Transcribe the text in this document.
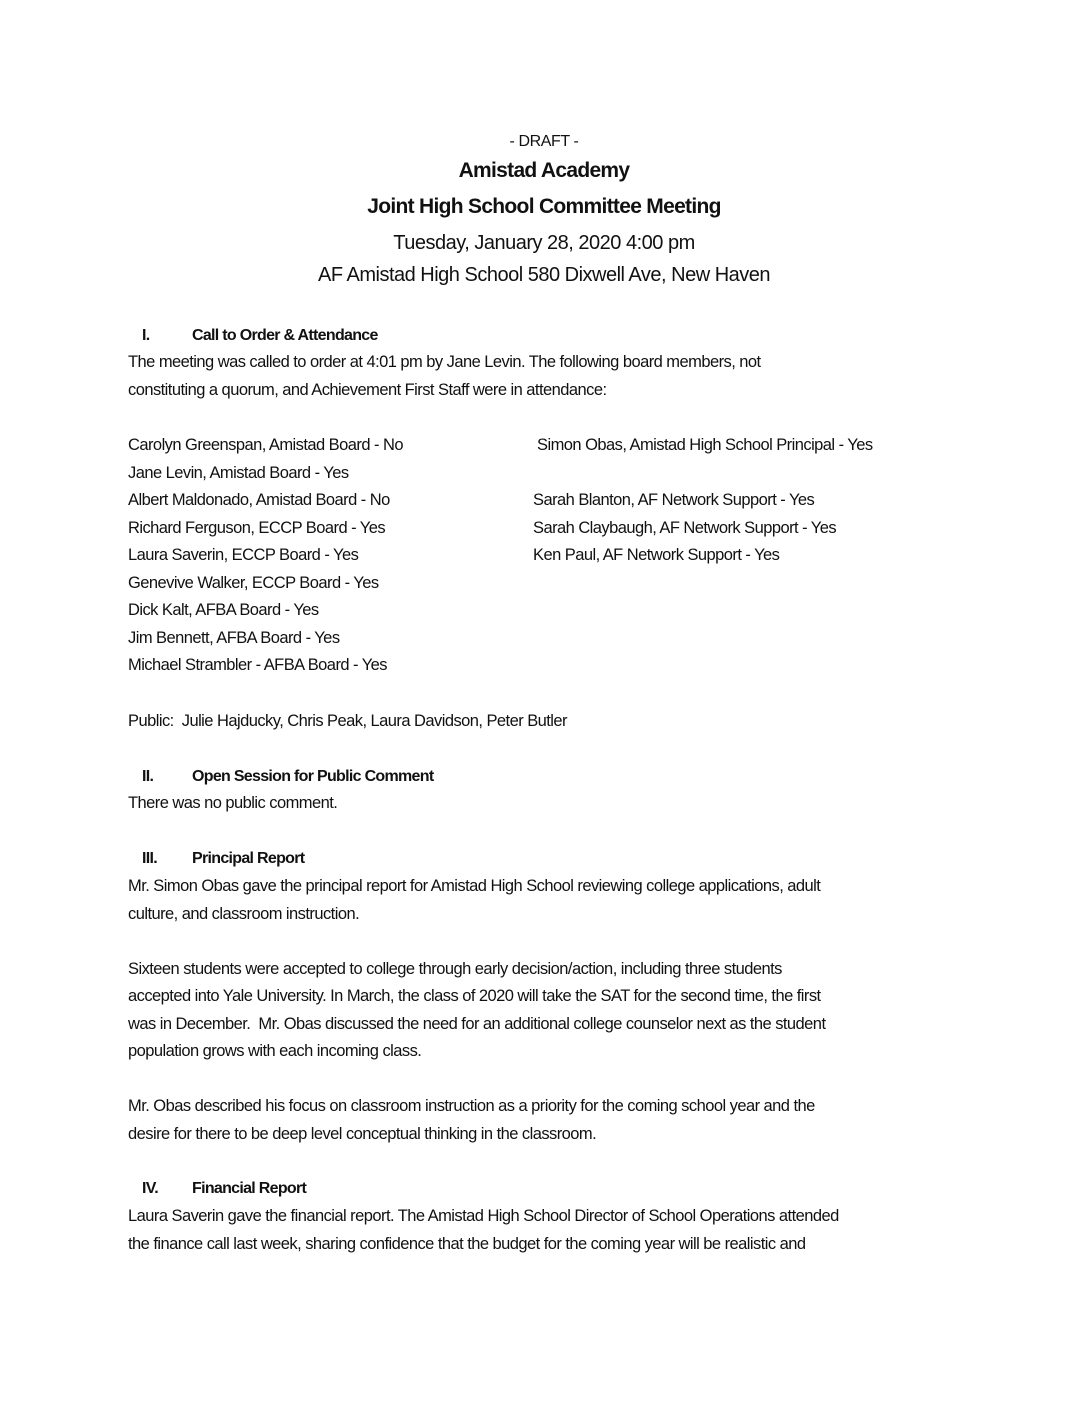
- DRAFT -
Amistad Academy
Joint High School Committee Meeting
Tuesday, January 28, 2020 4:00 pm
AF Amistad High School 580 Dixwell Ave, New Haven
I.	Call to Order & Attendance

The meeting was called to order at 4:01 pm by Jane Levin. The following board members, not

constituting a quorum, and Achievement First Staff were in attendance:

Carolyn Greenspan, Amistad Board - No
Jane Levin, Amistad Board - Yes
Albert Maldonado, Amistad Board - No
Richard Ferguson, ECCP Board - Yes
Laura Saverin, ECCP Board - Yes
Genevive Walker, ECCP Board - Yes
Dick Kalt, AFBA Board - Yes
Jim Bennett, AFBA Board - Yes
Michael Strambler - AFBA Board - Yes
Simon Obas, Amistad High School Principal - Yes
Sarah Blanton, AF Network Support - Yes
Sarah Claybaugh, AF Network Support - Yes
Ken Paul, AF Network Support - Yes
Public:  Julie Hajducky, Chris Peak, Laura Davidson, Peter Butler
II. Open Session for Public Comment

There was no public comment.

III. Principal Report

Mr. Simon Obas gave the principal report for Amistad High School reviewing college applications, adult

culture, and classroom instruction.

Sixteen students were accepted to college through early decision/action, including three students

accepted into Yale University. In March, the class of 2020 will take the SAT for the second time, the first

was in December.  Mr. Obas discussed the need for an additional college counselor next as the student

population grows with each incoming class.

Mr. Obas described his focus on classroom instruction as a priority for the coming school year and the

desire for there to be deep level conceptual thinking in the classroom.

IV. Financial Report

Laura Saverin gave the financial report. The Amistad High School Director of School Operations attended

the finance call last week, sharing confidence that the budget for the coming year will be realistic and
